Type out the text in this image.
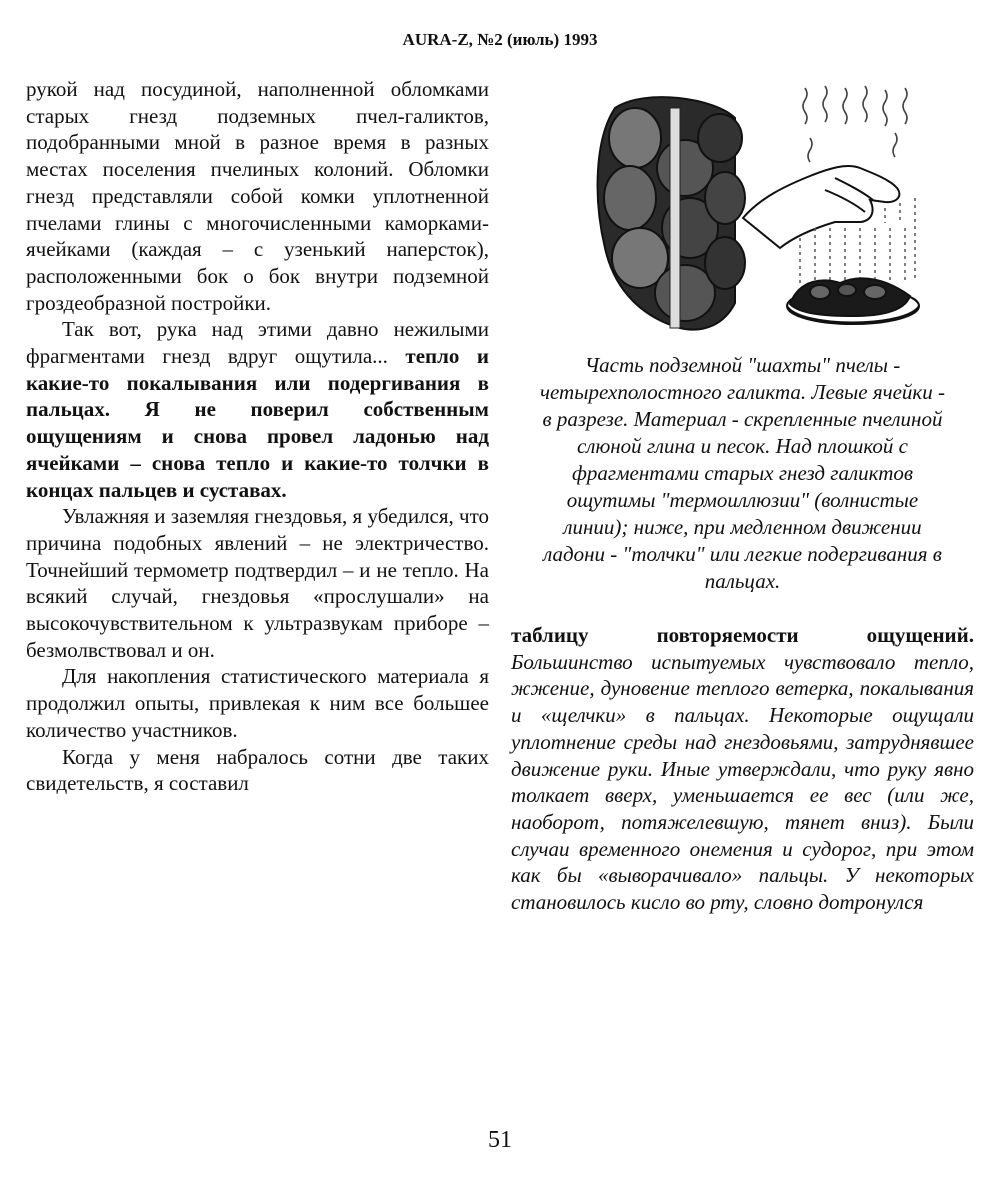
AURA-Z, №2 (июль) 1993

рукой над посудиной, наполненной обломками старых гнезд подземных пчел-галиктов, подобранными мной в разное время в разных местах поселения пчелиных колоний. Обломки гнезд представляли собой комки уплотненной пчелами глины с многочисленными каморками-ячейками (каждая – с узенький наперсток), расположенными бок о бок внутри подземной гроздеобразной постройки.

Так вот, рука над этими давно нежилыми фрагментами гнезд вдруг ощутила... тепло и какие-то покалывания или подергивания в пальцах. Я не поверил собственным ощущениям и снова провел ладонью над ячейками – снова тепло и какие-то толчки в концах пальцев и суставах.

Увлажняя и заземляя гнездовья, я убедился, что причина подобных явлений – не электричество. Точнейший термометр подтвердил – и не тепло. На всякий случай, гнездовья «прослушали» на высокочувствительном к ультразвукам приборе – безмолвствовал и он.

Для накопления статистического материала я продолжил опыты, привлекая к ним все большее количество участников.

Когда у меня набралось сотни две таких свидетельств, я составил

Часть подземной "шахты" пчелы -
четырехполостного галикта. Левые ячейки -
в разрезе. Материал - скрепленные пчелиной
слюной глина и песок. Над плошкой с
фрагментами старых гнезд галиктов
ощутимы "термоиллюзии" (волнистые
линии); ниже, при медленном движении
ладони - "толчки" или легкие подергивания в
пальцах.
таблицу повторяемости ощущений.

Большинство испытуемых чувствовало тепло, жжение, дуновение теплого ветерка, покалывания и «щелчки» в пальцах. Некоторые ощущали уплотнение среды над гнездовьями, затруднявшее движение руки. Иные утверждали, что руку явно толкает вверх, уменьшается ее вес (или же, наоборот, потяжелевшую, тянет вниз). Были случаи временного онемения и судорог, при этом как бы «выворачивало» пальцы. У некоторых становилось кисло во рту, словно дотронулся

51
